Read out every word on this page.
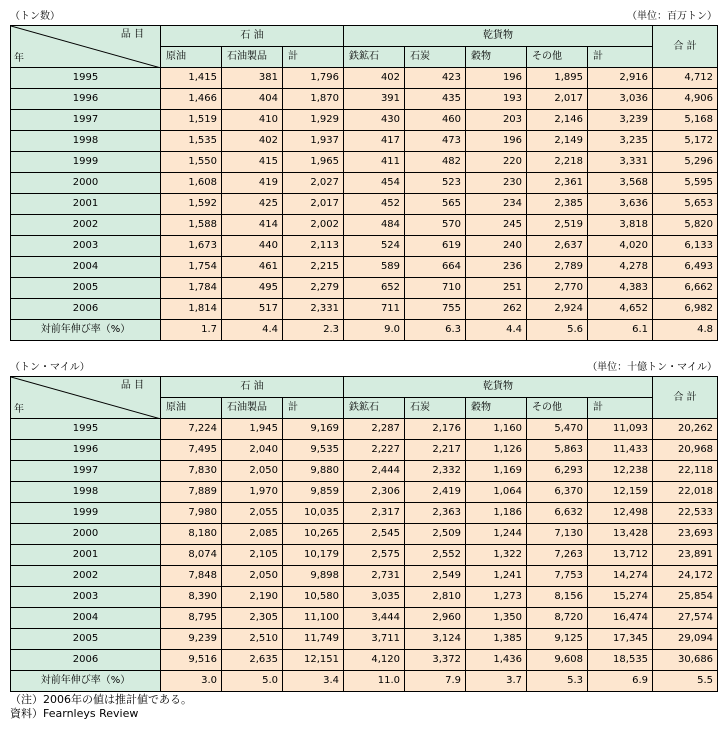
（トン数）	（単位：百万トン）
品 目
年	石 油			乾貨物					合 計
	原油	石油製品	計	鉄鉱石	石炭	穀物	その他	計	
1995	1,415	381	1,796	402	423	196	1,895	2,916	4,712
1996	1,466	404	1,870	391	435	193	2,017	3,036	4,906
1997	1,519	410	1,929	430	460	203	2,146	3,239	5,168
1998	1,535	402	1,937	417	473	196	2,149	3,235	5,172
1999	1,550	415	1,965	411	482	220	2,218	3,331	5,296
2000	1,608	419	2,027	454	523	230	2,361	3,568	5,595
2001	1,592	425	2,017	452	565	234	2,385	3,636	5,653
2002	1,588	414	2,002	484	570	245	2,519	3,818	5,820
2003	1,673	440	2,113	524	619	240	2,637	4,020	6,133
2004	1,754	461	2,215	589	664	236	2,789	4,278	6,493
2005	1,784	495	2,279	652	710	251	2,770	4,383	6,662
2006	1,814	517	2,331	711	755	262	2,924	4,652	6,982
対前年伸び率（%）	1.7	4.4	2.3	9.0	6.3	4.4	5.6	6.1	4.8
（トン・マイル）	（単位：十億トン・マイル）
品 目
年	石 油			乾貨物					合 計
	原油	石油製品	計	鉄鉱石	石炭	穀物	その他	計	
1995	7,224	1,945	9,169	2,287	2,176	1,160	5,470	11,093	20,262
1996	7,495	2,040	9,535	2,227	2,217	1,126	5,863	11,433	20,968
1997	7,830	2,050	9,880	2,444	2,332	1,169	6,293	12,238	22,118
1998	7,889	1,970	9,859	2,306	2,419	1,064	6,370	12,159	22,018
1999	7,980	2,055	10,035	2,317	2,363	1,186	6,632	12,498	22,533
2000	8,180	2,085	10,265	2,545	2,509	1,244	7,130	13,428	23,693
2001	8,074	2,105	10,179	2,575	2,552	1,322	7,263	13,712	23,891
2002	7,848	2,050	9,898	2,731	2,549	1,241	7,753	14,274	24,172
2003	8,390	2,190	10,580	3,035	2,810	1,273	8,156	15,274	25,854
2004	8,795	2,305	11,100	3,444	2,960	1,350	8,720	16,474	27,574
2005	9,239	2,510	11,749	3,711	3,124	1,385	9,125	17,345	29,094
2006	9,516	2,635	12,151	4,120	3,372	1,436	9,608	18,535	30,686
対前年伸び率（%）	3.0	5.0	3.4	11.0	7.9	3.7	5.3	6.9	5.5
（注）2006年の値は推計値である。
資料）Fearnleys Review
